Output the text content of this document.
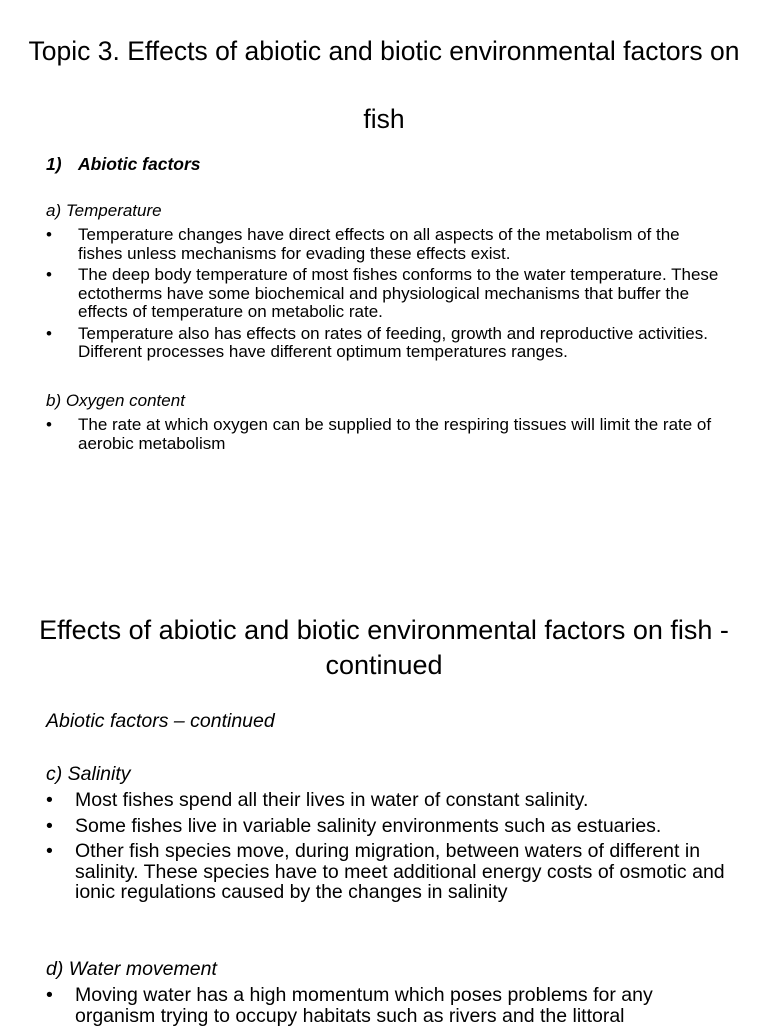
Topic 3. Effects of abiotic and biotic environmental factors on fish
1) Abiotic factors
a) Temperature
• Temperature changes have direct effects on all aspects of the metabolism of the fishes unless mechanisms for evading these effects exist.
• The deep body temperature of most fishes conforms to the water temperature. These ectotherms have some biochemical and physiological mechanisms that buffer the effects of temperature on metabolic rate.
• Temperature also has effects on rates of feeding, growth and reproductive activities. Different processes have different optimum temperatures ranges.
b) Oxygen content
• The rate at which oxygen can be supplied to the respiring tissues will limit the rate of aerobic metabolism
Effects of abiotic and biotic environmental factors on fish - continued
Abiotic factors – continued
c) Salinity
• Most fishes spend all their lives in water of constant salinity.
• Some fishes live in variable salinity environments such as estuaries.
• Other fish species move, during migration, between waters of different in salinity. These species have to meet additional energy costs of osmotic and ionic regulations caused by the changes in salinity
d) Water movement
• Moving water has a high momentum which poses problems for any organism trying to occupy habitats such as rivers and the littoral
